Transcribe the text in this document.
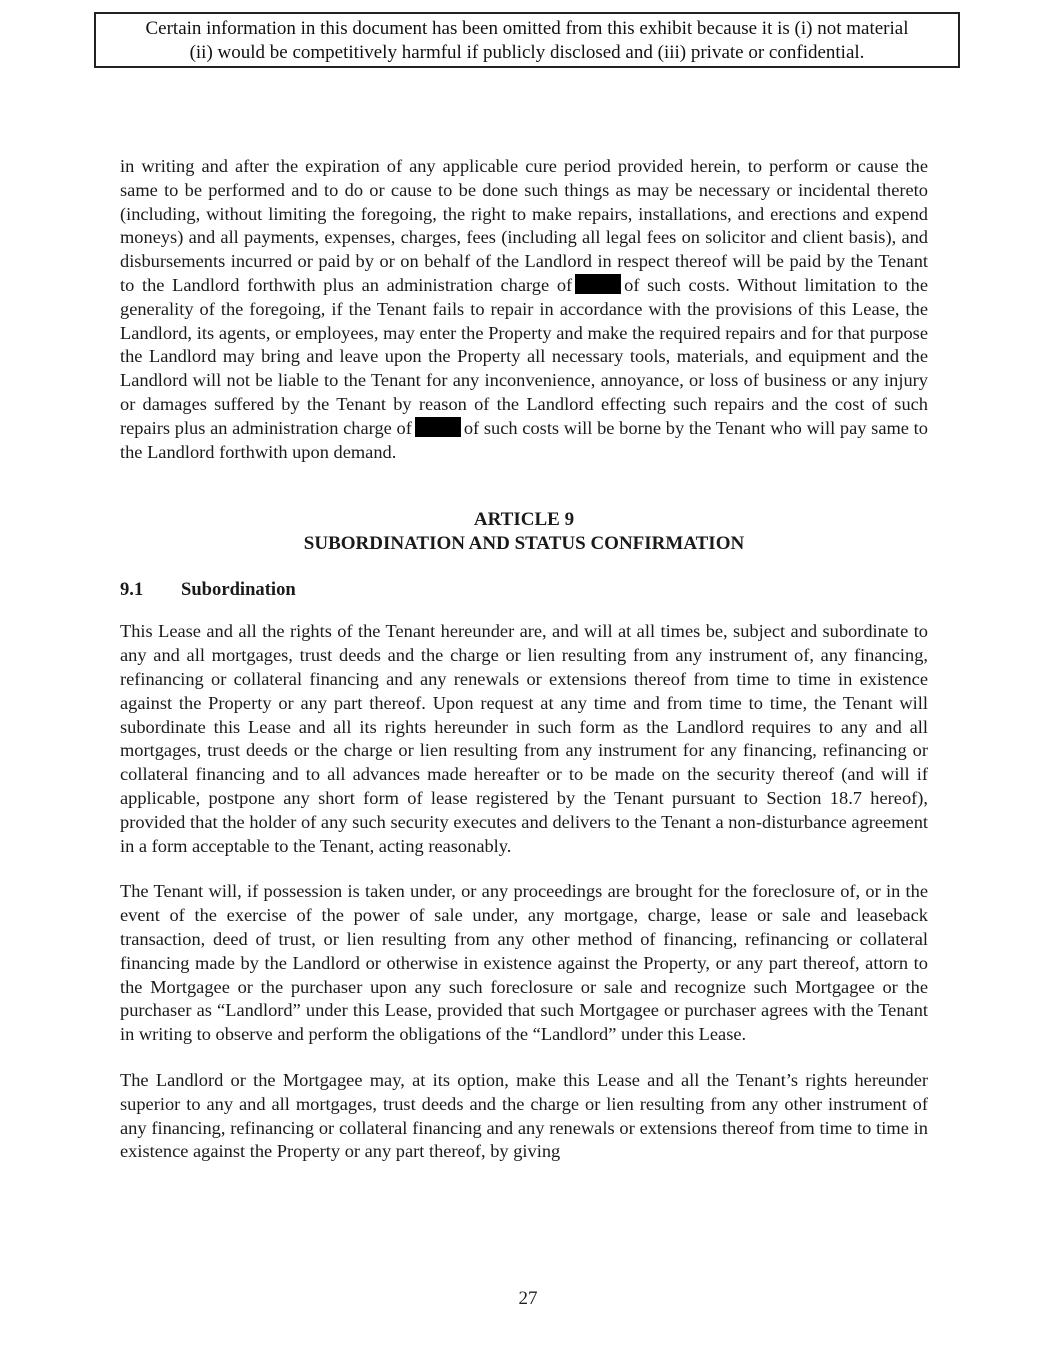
Certain information in this document has been omitted from this exhibit because it is (i) not material
(ii) would be competitively harmful if publicly disclosed and (iii) private or confidential.

in writing and after the expiration of any applicable cure period provided herein, to perform or cause the same to be performed and to do or cause to be done such things as may be necessary or incidental thereto (including, without limiting the foregoing, the right to make repairs, installations, and erections and expend moneys) and all payments, expenses, charges, fees (including all legal fees on solicitor and client basis), and disbursements incurred or paid by or on behalf of the Landlord in respect thereof will be paid by the Tenant to the Landlord forthwith plus an administration charge of	of such costs. Without limitation to the generality of the foregoing, if the Tenant fails to repair in accordance with the provisions of this Lease, the Landlord, its agents, or employees, may enter the Property and make the required repairs and for that purpose the Landlord may bring and leave upon the Property all necessary tools, materials, and equipment and the Landlord will not be liable to the Tenant for any inconvenience, annoyance, or loss of business or any injury or damages suffered by the Tenant by reason of the Landlord effecting such repairs and the cost of such repairs plus an administration charge of	of such costs will be borne by the Tenant who will pay same to the Landlord forthwith upon demand.

ARTICLE 9
SUBORDINATION AND STATUS CONFIRMATION
9.1	Subordination

This Lease and all the rights of the Tenant hereunder are, and will at all times be, subject and subordinate to any and all mortgages, trust deeds and the charge or lien resulting from any instrument of, any financing, refinancing or collateral financing and any renewals or extensions thereof from time to time in existence against the Property or any part thereof. Upon request at any time and from time to time, the Tenant will subordinate this Lease and all its rights hereunder in such form as the Landlord requires to any and all mortgages, trust deeds or the charge or lien resulting from any instrument for any financing, refinancing or collateral financing and to all advances made hereafter or to be made on the security thereof (and will if applicable, postpone any short form of lease registered by the Tenant pursuant to Section 18.7 hereof), provided that the holder of any such security executes and delivers to the Tenant a non-disturbance agreement in a form acceptable to the Tenant, acting reasonably.

The Tenant will, if possession is taken under, or any proceedings are brought for the foreclosure of, or in the event of the exercise of the power of sale under, any mortgage, charge, lease or sale and leaseback transaction, deed of trust, or lien resulting from any other method of financing, refinancing or collateral financing made by the Landlord or otherwise in existence against the Property, or any part thereof, attorn to the Mortgagee or the purchaser upon any such foreclosure or sale and recognize such Mortgagee or the purchaser as “Landlord” under this Lease, provided that such Mortgagee or purchaser agrees with the Tenant in writing to observe and perform the obligations of the “Landlord” under this Lease.

The Landlord or the Mortgagee may, at its option, make this Lease and all the Tenant’s rights hereunder superior to any and all mortgages, trust deeds and the charge or lien resulting from any other instrument of any financing, refinancing or collateral financing and any renewals or extensions thereof from time to time in existence against the Property or any part thereof, by giving

27
